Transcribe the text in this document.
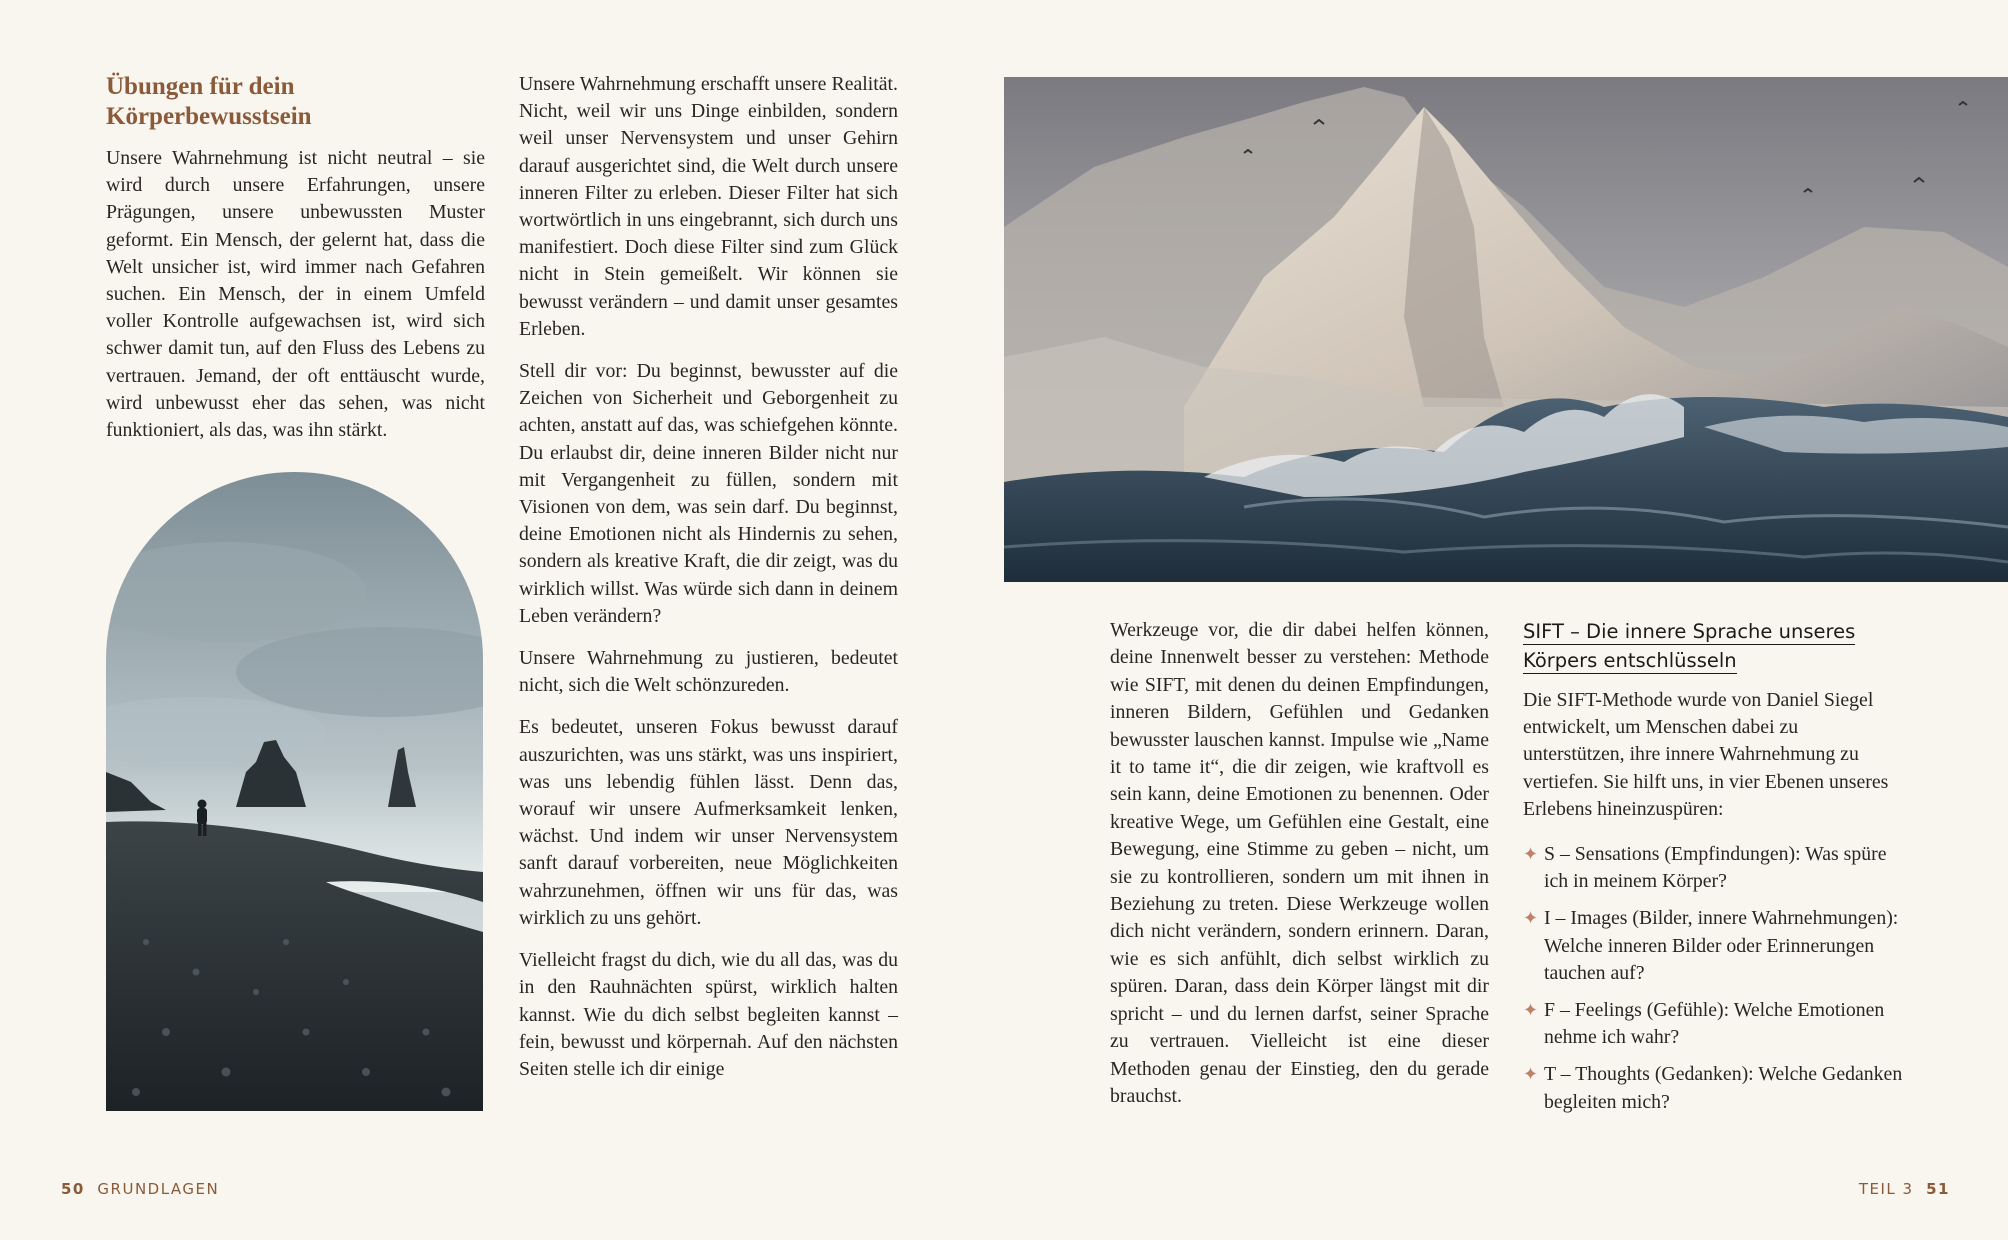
Übungen für dein Körperbewusstsein

Unsere Wahrnehmung ist nicht neutral – sie wird durch unsere Erfahrungen, unsere Prägungen, unsere unbewussten Muster geformt. Ein Mensch, der gelernt hat, dass die Welt unsicher ist, wird immer nach Gefahren suchen. Ein Mensch, der in einem Umfeld voller Kontrolle aufgewachsen ist, wird sich schwer damit tun, auf den Fluss des Lebens zu vertrauen. Jemand, der oft enttäuscht wurde, wird unbewusst eher das sehen, was nicht funktioniert, als das, was ihn stärkt.

Unsere Wahrnehmung erschafft unsere Realität. Nicht, weil wir uns Dinge einbilden, sondern weil unser Nervensystem und unser Gehirn darauf ausgerichtet sind, die Welt durch unsere inneren Filter zu erleben. Dieser Filter hat sich wortwörtlich in uns eingebrannt, sich durch uns manifestiert. Doch diese Filter sind zum Glück nicht in Stein gemeißelt. Wir können sie bewusst verändern – und damit unser gesamtes Erleben.

Stell dir vor: Du beginnst, bewusster auf die Zeichen von Sicherheit und Geborgenheit zu achten, anstatt auf das, was schiefgehen könnte. Du erlaubst dir, deine inneren Bilder nicht nur mit Vergangenheit zu füllen, sondern mit Visionen von dem, was sein darf. Du beginnst, deine Emotionen nicht als Hindernis zu sehen, sondern als kreative Kraft, die dir zeigt, was du wirklich willst. Was würde sich dann in deinem Leben verändern?

Unsere Wahrnehmung zu justieren, bedeutet nicht, sich die Welt schönzureden.

Es bedeutet, unseren Fokus bewusst darauf auszurichten, was uns stärkt, was uns inspiriert, was uns lebendig fühlen lässt. Denn das, worauf wir unsere Aufmerksamkeit lenken, wächst. Und indem wir unser Nervensystem sanft darauf vorbereiten, neue Möglichkeiten wahrzunehmen, öffnen wir uns für das, was wirklich zu uns gehört.

Vielleicht fragst du dich, wie du all das, was du in den Rauhnächten spürst, wirklich halten kannst. Wie du dich selbst begleiten kannst – fein, bewusst und körpernah. Auf den nächsten Seiten stelle ich dir einige

50 GRUNDLAGEN

Werkzeuge vor, die dir dabei helfen können, deine Innenwelt besser zu verstehen: Methode wie SIFT, mit denen du deinen Empfindungen, inneren Bildern, Gefühlen und Gedanken bewusster lauschen kannst. Impulse wie „Name it to tame it“, die dir zeigen, wie kraftvoll es sein kann, deine Emotionen zu benennen. Oder kreative Wege, um Gefühlen eine Gestalt, eine Bewegung, eine Stimme zu geben – nicht, um sie zu kontrollieren, sondern um mit ihnen in Beziehung zu treten. Diese Werkzeuge wollen dich nicht verändern, sondern erinnern. Daran, wie es sich anfühlt, dich selbst wirklich zu spüren. Daran, dass dein Körper längst mit dir spricht – und du lernen darfst, seiner Sprache zu vertrauen. Vielleicht ist eine dieser Methoden genau der Einstieg, den du gerade brauchst.

SIFT – Die innere Sprache unseres
Körpers entschlüsseln

Die SIFT-Methode wurde von Daniel Siegel entwickelt, um Menschen dabei zu unterstützen, ihre innere Wahrnehmung zu vertiefen. Sie hilft uns, in vier Ebenen unseres Erlebens hineinzuspüren:

✦ S – Sensations (Empfindungen): Was spüre ich in meinem Körper?
✦ I – Images (Bilder, innere Wahrnehmungen): Welche inneren Bilder oder Erinnerungen tauchen auf?
✦ F – Feelings (Gefühle): Welche Emotionen nehme ich wahr?
✦ T – Thoughts (Gedanken): Welche Gedanken begleiten mich?
TEIL 3 51
